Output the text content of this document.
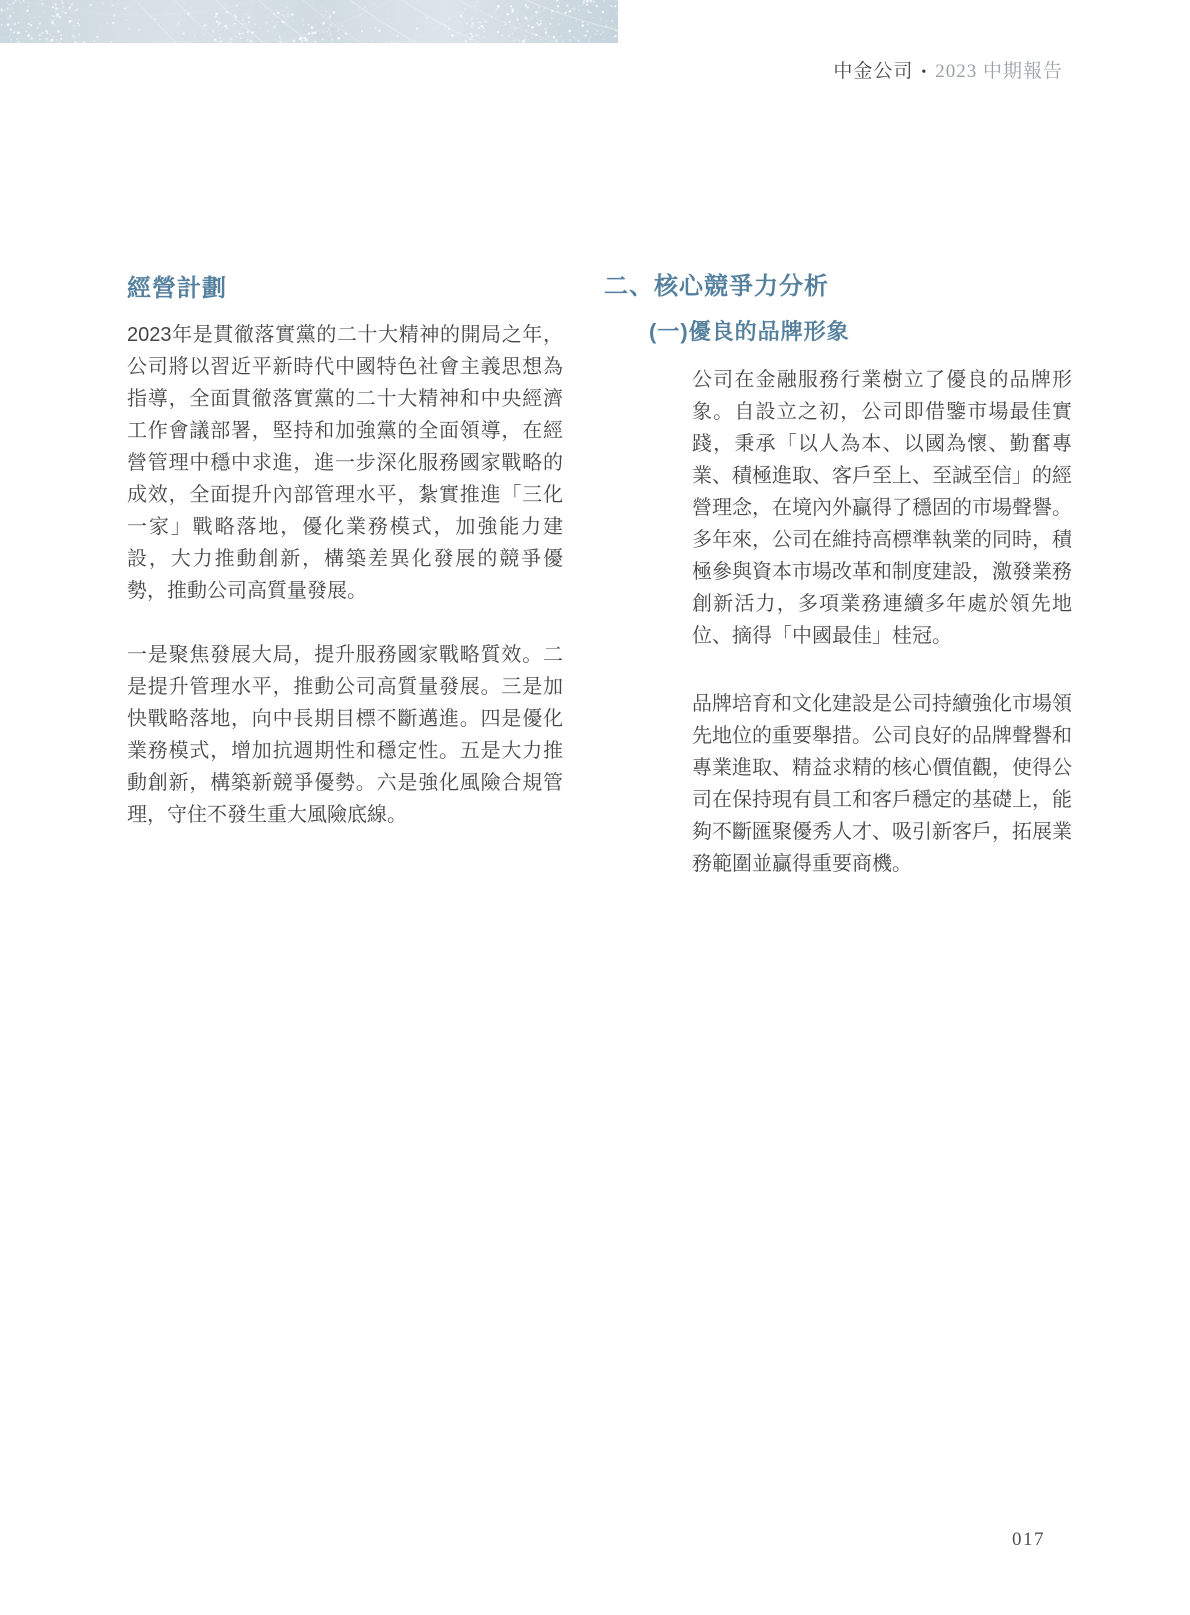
中金公司 • 2023 中期報告
經營計劃
2023年是貫徹落實黨的二十大精神的開局之年，公司將以習近平新時代中國特色社會主義思想為指導，全面貫徹落實黨的二十大精神和中央經濟工作會議部署，堅持和加強黨的全面領導，在經營管理中穩中求進，進一步深化服務國家戰略的成效，全面提升內部管理水平，紮實推進「三化一家」戰略落地，優化業務模式，加強能力建設，大力推動創新，構築差異化發展的競爭優勢，推動公司高質量發展。
一是聚焦發展大局，提升服務國家戰略質效。二是提升管理水平，推動公司高質量發展。三是加快戰略落地，向中長期目標不斷邁進。四是優化業務模式，增加抗週期性和穩定性。五是大力推動創新，構築新競爭優勢。六是強化風險合規管理，守住不發生重大風險底線。
二、核心競爭力分析
(一)優良的品牌形象
公司在金融服務行業樹立了優良的品牌形象。自設立之初，公司即借鑒市場最佳實踐，秉承「以人為本、以國為懷、勤奮專業、積極進取、客戶至上、至誠至信」的經營理念，在境內外贏得了穩固的市場聲譽。多年來，公司在維持高標準執業的同時，積極參與資本市場改革和制度建設，激發業務創新活力，多項業務連續多年處於領先地位、摘得「中國最佳」桂冠。
品牌培育和文化建設是公司持續強化市場領先地位的重要舉措。公司良好的品牌聲譽和專業進取、精益求精的核心價值觀，使得公司在保持現有員工和客戶穩定的基礎上，能夠不斷匯聚優秀人才、吸引新客戶，拓展業務範圍並贏得重要商機。
017
